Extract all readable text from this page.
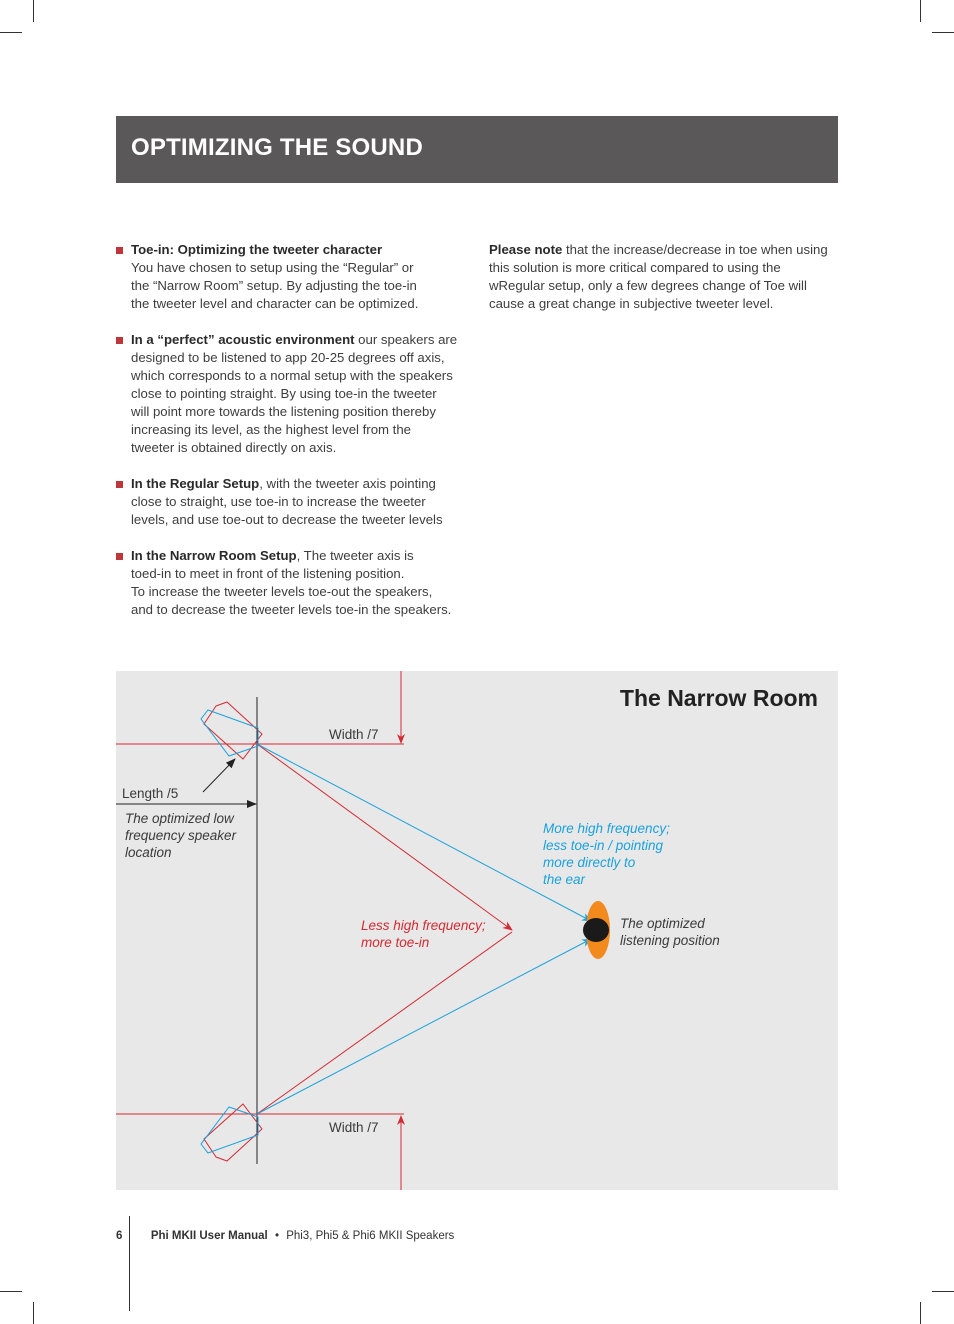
OPTIMIZING THE SOUND
Toe-in: Optimizing the tweeter character
You have chosen to setup using the “Regular” or
the “Narrow Room” setup. By adjusting the toe-in
the tweeter level and character can be optimized.
In a “perfect” acoustic environment our speakers are
designed to be listened to app 20-25 degrees off axis,
which corresponds to a normal setup with the speakers
close to pointing straight. By using toe-in the tweeter
will point more towards the listening position thereby
increasing its level, as the highest level from the
tweeter is obtained directly on axis.
In the Regular Setup, with the tweeter axis pointing
close to straight, use toe-in to increase the tweeter
levels, and use toe-out to decrease the tweeter levels
In the Narrow Room Setup, The tweeter axis is
toed-in to meet in front of the listening position.
To increase the tweeter levels toe-out the speakers,
and to decrease the tweeter levels toe-in the speakers.
Please note that the increase/decrease in toe when using
this solution is more critical compared to using the
wRegular setup, only a few degrees change of Toe will
cause a great change in subjective tweeter level.
The Narrow Room
Width /7
Width /7
Length /5
The optimized low
frequency speaker
location
More high frequency;
less toe-in / pointing
more directly to
the ear
Less high frequency;
more toe-in
The optimized
listening position
6 Phi MKII User Manual • Phi3, Phi5 & Phi6 MKII Speakers
